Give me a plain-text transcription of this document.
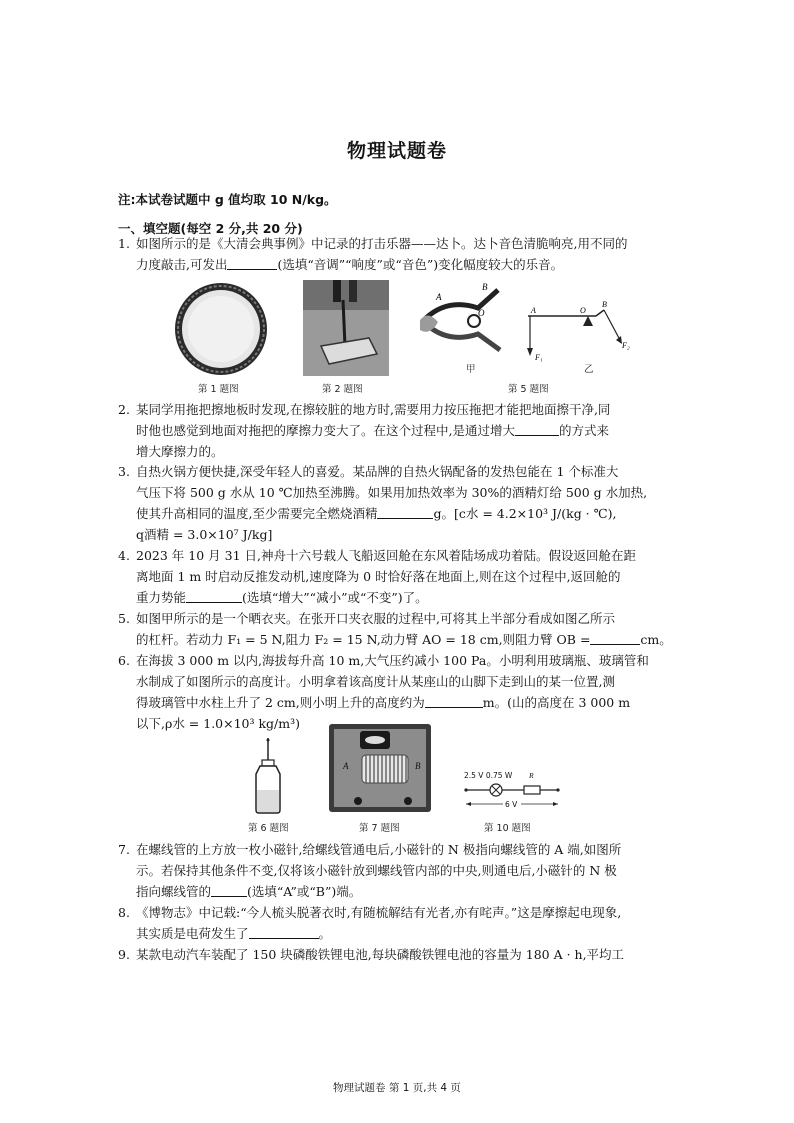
物理试题卷
注:本试卷试题中 g 值均取 10 N/kg。
一、填空题(每空 2 分,共 20 分)
1. 如图所示的是《大清会典事例》中记录的打击乐器——达卜。达卜音色清脆响亮,用不同的
力度敲击,可发出	(选填“音调”“响度”或“音色”)变化幅度较大的乐音。
第 1 题图	第 2 题图
A
B
O
甲
A	O
B
F₁
F₂
第 5 题图
乙
2. 某同学用拖把擦地板时发现,在擦较脏的地方时,需要用力按压拖把才能把地面擦干净,同
时他也感觉到地面对拖把的摩擦力变大了。在这个过程中,是通过增大	的方式来
增大摩擦力的。
3. 自热火锅方便快捷,深受年轻人的喜爱。某品牌的自热火锅配备的发热包能在 1 个标准大
气压下将 500 g 水从 10 ℃加热至沸腾。如果用加热效率为 30%的酒精灯给 500 g 水加热,
使其升高相同的温度,至少需要完全燃烧酒精	g。[c水 = 4.2×10³ J/(kg · ℃),
q酒精 = 3.0×10⁷ J/kg]
4. 2023 年 10 月 31 日,神舟十六号载人飞船返回舱在东风着陆场成功着陆。假设返回舱在距
离地面 1 m 时启动反推发动机,速度降为 0 时恰好落在地面上,则在这个过程中,返回舱的
重力势能	(选填“增大”“减小”或“不变”)了。
5. 如图甲所示的是一个晒衣夹。在张开口夹衣服的过程中,可将其上半部分看成如图乙所示
的杠杆。若动力 F₁ = 5 N,阻力 F₂ = 15 N,动力臂 AO = 18 cm,则阻力臂 OB =	cm。
6. 在海拔 3 000 m 以内,海拔每升高 10 m,大气压约减小 100 Pa。小明利用玻璃瓶、玻璃管和
水制成了如图所示的高度计。小明拿着该高度计从某座山的山脚下走到山的某一位置,测
得玻璃管中水柱上升了 2 cm,则小明上升的高度约为	m。(山的高度在 3 000 m
以下,ρ水 = 1.0×10³ kg/m³)
第 6 题图
A	B
第 7 题图
2.5 V 0.75 W R
6 V
第 10 题图
7. 在螺线管的上方放一枚小磁针,给螺线管通电后,小磁针的 N 极指向螺线管的 A 端,如图所
示。若保持其他条件不变,仅将该小磁针放到螺线管内部的中央,则通电后,小磁针的 N 极
指向螺线管的	(选填“A”或“B”)端。
8. 《博物志》中记载:“今人梳头脱著衣时,有随梳解结有光者,亦有咤声。”这是摩擦起电现象,
其实质是电荷发生了	。
9. 某款电动汽车装配了 150 块磷酸铁锂电池,每块磷酸铁锂电池的容量为 180 A · h,平均工
物理试题卷 第 1 页,共 4 页
